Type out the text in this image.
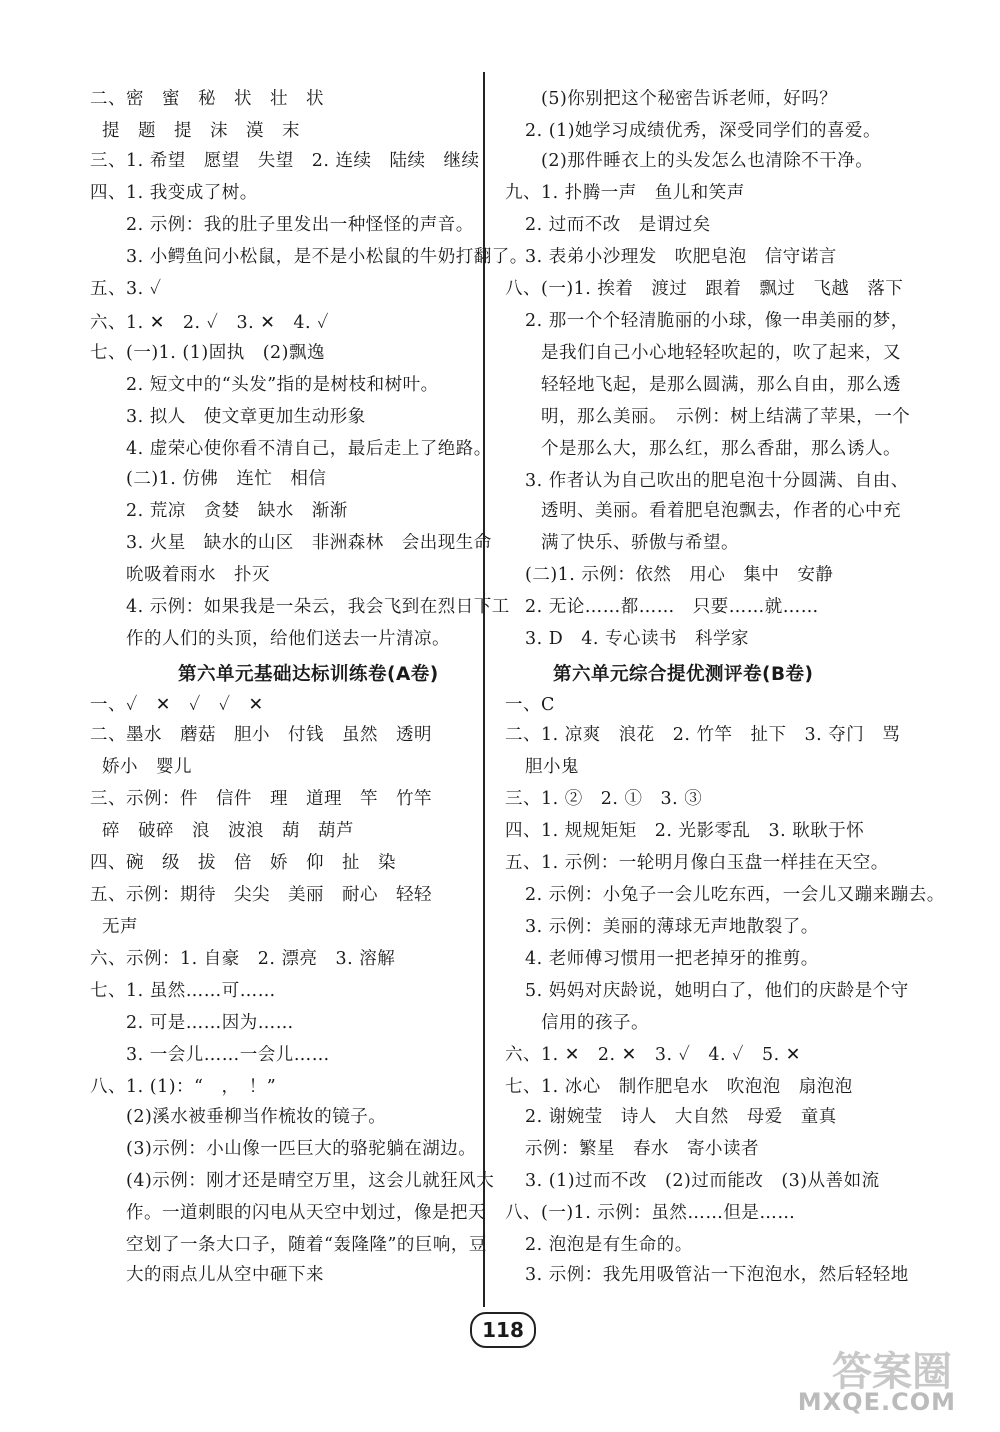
二、密　蜜　秘　状　壮　状
提　题　提　沫　漠　末
三、1. 希望　愿望　失望　2. 连续　陆续　继续
四、1. 我变成了树。
2. 示例：我的肚子里发出一种怪怪的声音。
3. 小鳄鱼问小松鼠，是不是小松鼠的牛奶打翻了。
五、3. ✓
六、1. ✕　2. ✓　3. ✕　4. ✓
七、(一)1. (1)固执　(2)飘逸
2. 短文中的“头发”指的是树枝和树叶。
3. 拟人　使文章更加生动形象
4. 虚荣心使你看不清自己，最后走上了绝路。
(二)1. 仿佛　连忙　相信
2. 荒凉　贪婪　缺水　渐渐
3. 火星　缺水的山区　非洲森林　会出现生命
吮吸着雨水　扑灭
4. 示例：如果我是一朵云，我会飞到在烈日下工
作的人们的头顶，给他们送去一片清凉。
一、✓　✕　✓　✓　✕
二、墨水　蘑菇　胆小　付钱　虽然　透明
娇小　婴儿
三、示例：件　信件　理　道理　竿　竹竿
碎　破碎　浪　波浪　葫　葫芦
四、碗　级　拔　倍　娇　仰　扯　染
五、示例：期待　尖尖　美丽　耐心　轻轻
无声
六、示例：1. 自豪　2. 漂亮　3. 溶解
七、1. 虽然……可……
2. 可是……因为……
3. 一会儿……一会儿……
八、1. (1)：“　，　！”
(2)溪水被垂柳当作梳妆的镜子。
(3)示例：小山像一匹巨大的骆驼躺在湖边。
(4)示例：刚才还是晴空万里，这会儿就狂风大
作。一道刺眼的闪电从天空中划过，像是把天
空划了一条大口子，随着“轰隆隆”的巨响，豆
大的雨点儿从空中砸下来
第六单元基础达标训练卷(A卷)
(5)你别把这个秘密告诉老师，好吗？
2. (1)她学习成绩优秀，深受同学们的喜爱。
(2)那件睡衣上的头发怎么也清除不干净。
九、1. 扑腾一声　鱼儿和笑声
2. 过而不改　是谓过矣
3. 表弟小沙理发　吹肥皂泡　信守诺言
八、(一)1. 挨着　渡过　跟着　飘过　飞越　落下
2. 那一个个轻清脆丽的小球，像一串美丽的梦，
是我们自己小心地轻轻吹起的，吹了起来，又
轻轻地飞起，是那么圆满，那么自由，那么透
明，那么美丽。　示例：树上结满了苹果，一个
个是那么大，那么红，那么香甜，那么诱人。
3. 作者认为自己吹出的肥皂泡十分圆满、自由、
透明、美丽。看着肥皂泡飘去，作者的心中充
满了快乐、骄傲与希望。
(二)1. 示例：依然　用心　集中　安静
2. 无论……都……　只要……就……
3. D　4. 专心读书　科学家
一、C
二、1. 凉爽　浪花　2. 竹竿　扯下　3. 夺门　骂
胆小鬼
三、1. ②　2. ①　3. ③
四、1. 规规矩矩　2. 光影零乱　3. 耿耿于怀
五、1. 示例：一轮明月像白玉盘一样挂在天空。
2. 示例：小兔子一会儿吃东西，一会儿又蹦来蹦去。
3. 示例：美丽的薄球无声地散裂了。
4. 老师傅习惯用一把老掉牙的推剪。
5. 妈妈对庆龄说，她明白了，他们的庆龄是个守
信用的孩子。
六、1. ✕　2. ✕　3. ✓　4. ✓　5. ✕
七、1. 冰心　制作肥皂水　吹泡泡　扇泡泡
2. 谢婉莹　诗人　大自然　母爱　童真
示例：繁星　春水　寄小读者
3. (1)过而不改　(2)过而能改　(3)从善如流
八、(一)1. 示例：虽然……但是……
2. 泡泡是有生命的。
3. 示例：我先用吸管沾一下泡泡水，然后轻轻地
第六单元综合提优测评卷(B卷)
118
答案圈
MXQE.COM
